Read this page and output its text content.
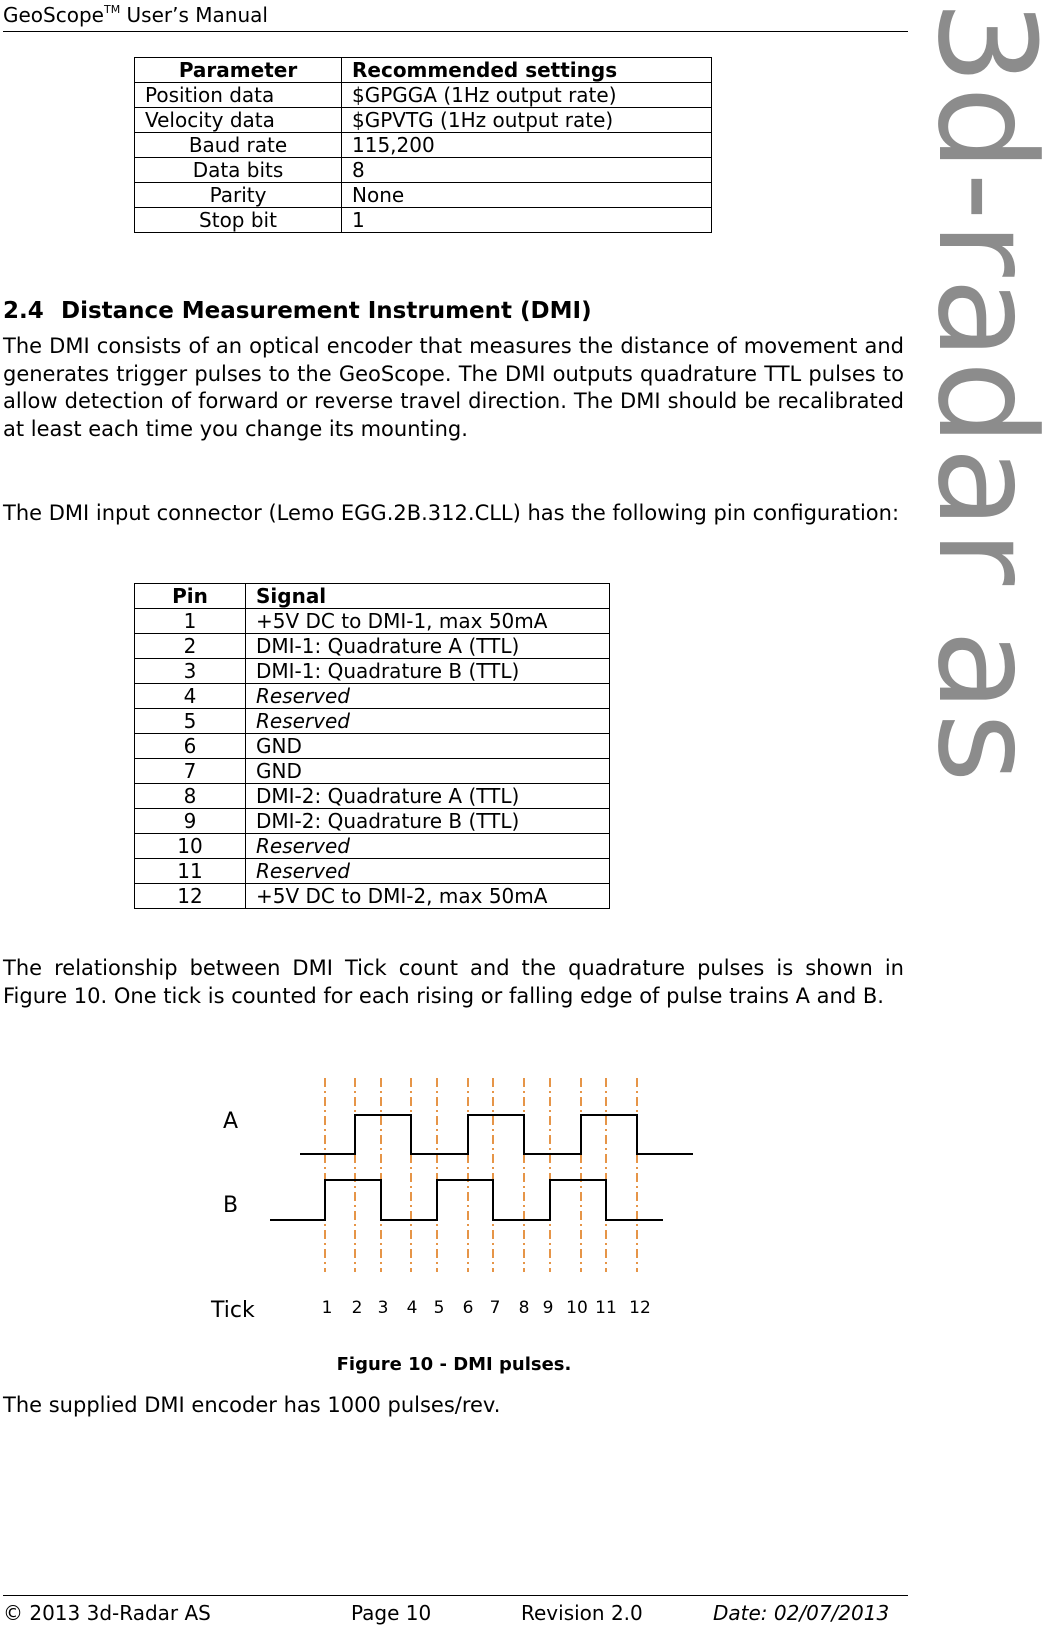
GeoScope™ User’s Manual	3d-radar as
Parameter	Recommended settings
Position data	$GPGGA (1Hz output rate)
Velocity data	$GPVTG (1Hz output rate)
Baud rate	115,200
Data bits	8
Parity	None
Stop bit	1
2.4 Distance Measurement Instrument (DMI)
The DMI consists of an optical encoder that measures the distance of movement and generates trigger pulses to the GeoScope. The DMI outputs quadrature TTL pulses to allow detection of forward or reverse travel direction. The DMI should be recalibrated at least each time you change its mounting.
The DMI input connector (Lemo EGG.2B.312.CLL) has the following pin configuration:
Pin	Signal
1	+5V DC to DMI-1, max 50mA
2	DMI-1: Quadrature A (TTL)
3	DMI-1: Quadrature B (TTL)
4	Reserved
5	Reserved
6	GND
7	GND
8	DMI-2: Quadrature A (TTL)
9	DMI-2: Quadrature B (TTL)
10	Reserved
11	Reserved
12	+5V DC to DMI-2, max 50mA
The relationship between DMI Tick count and the quadrature pulses is shown in Figure 10. One tick is counted for each rising or falling edge of pulse trains A and B.
A
B
Tick	1 2 3 4 5 6 7 8 9 10 11 12
Figure 10 - DMI pulses.
The supplied DMI encoder has 1000 pulses/rev.
© 2013 3d-Radar AS	Page 10	Revision 2.0	Date: 02/07/2013
